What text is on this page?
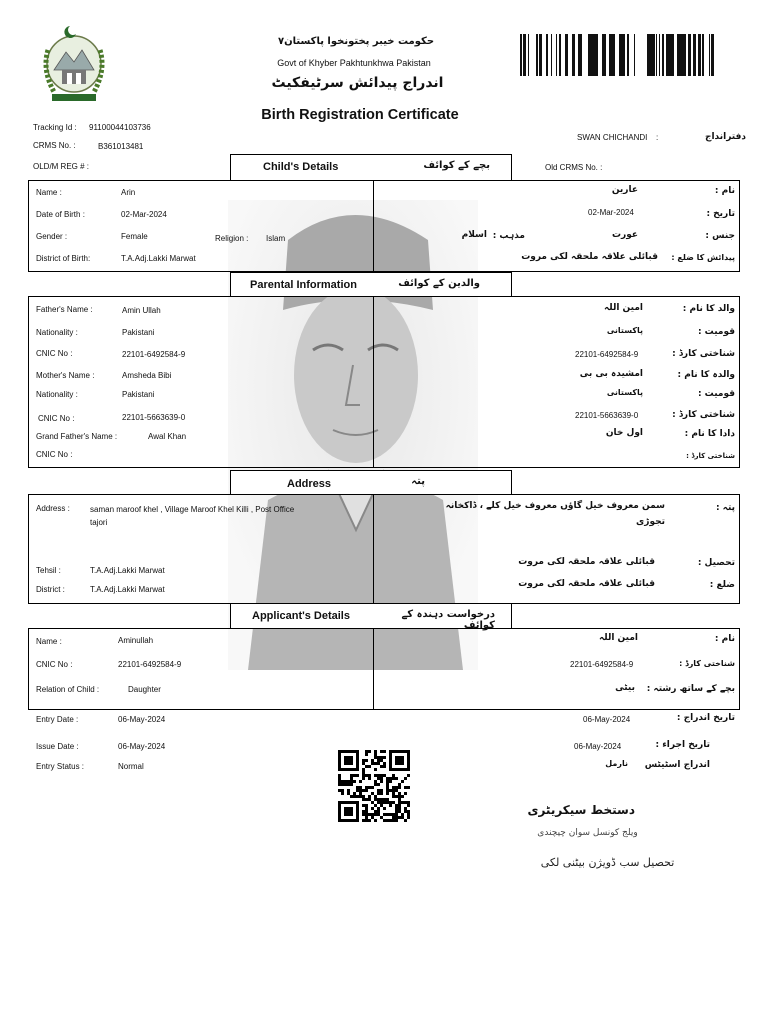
حکومت خیبر پختونخوا پاکستان۷
Govt of Khyber Pakhtunkhwa Pakistan
اندراج پیدائش سرٹیفکیٹ
Birth Registration Certificate
Tracking Id : 9110004410373​6
CRMS No. :	B361013481
OLD/M REG # :
SWAN CHICHANDI :	دفترانداج
Old CRMS No. :
Child's Details	بچے کے کوائف
Name :	Arin
Date of Birth :	02-Mar-2024
Gender :	Female	Religion : Islam
District of Birth:	T.A.Adj.Lakki Marwat
نام :
عارین
تاریخ :
02-Mar-2024
جنس :
عورت
مذہب :
اسلام
پیدائش کا ضلع :
قبائلی علاقہ ملحقہ لکی مروت
Parental Information	والدین کے کوائف
Father's Name :	Amin Ullah
Nationality :	Pakistani
CNIC No :	22101-6492584-9
Mother's Name :	Amsheda Bibi
Nationality :	Pakistani
CNIC No :	22101-5663639-0
Grand Father's Name :	Awal Khan
CNIC No :
والد کا نام :
امین اللہ
قومیت :
پاکستانی
شناختی کارڈ :
22101-6492584-9
والدہ کا نام :
امشیدہ بی بی
قومیت :
پاکستانی
شناختی کارڈ :
22101-5663639-0
دادا کا نام :
اول خان
شناختی کارڈ :
Address	پتہ
Address :	saman maroof khel , Village Maroof Khel Killi , Post Office
tajori
Tehsil :	T.A.Adj.Lakki Marwat
District :	T.A.Adj.Lakki Marwat
پتہ :
سمن معروف خیل گاؤں معروف خیل کلے ، ڈاکخانہ
تجوڑی
تحصیل :
قبائلی علاقہ ملحقہ لکی مروت
ضلع :
قبائلی علاقہ ملحقہ لکی مروت
Applicant's Details	درخواست دہندہ کے کوائف
Name :	Aminullah
CNIC No :	22101-6492584-9
Relation of Child :	Daughter
نام :
امین اللہ
شناختی کارڈ :
22101-6492584-9
بچے کے ساتھ رشتہ :
بیٹی
Entry Date :	06-May-2024
Issue Date :	06-May-2024
Entry Status :	Normal
تاریخ اندراج :
06-May-2024
تاریخ اجراء :
06-May-2024
اندراج اسٹیٹس
نارمل
دستخط سیکریٹری
ویلج کونسل سوان چیچندی
تحصیل سب ڈویژن بیٹنی لکی
